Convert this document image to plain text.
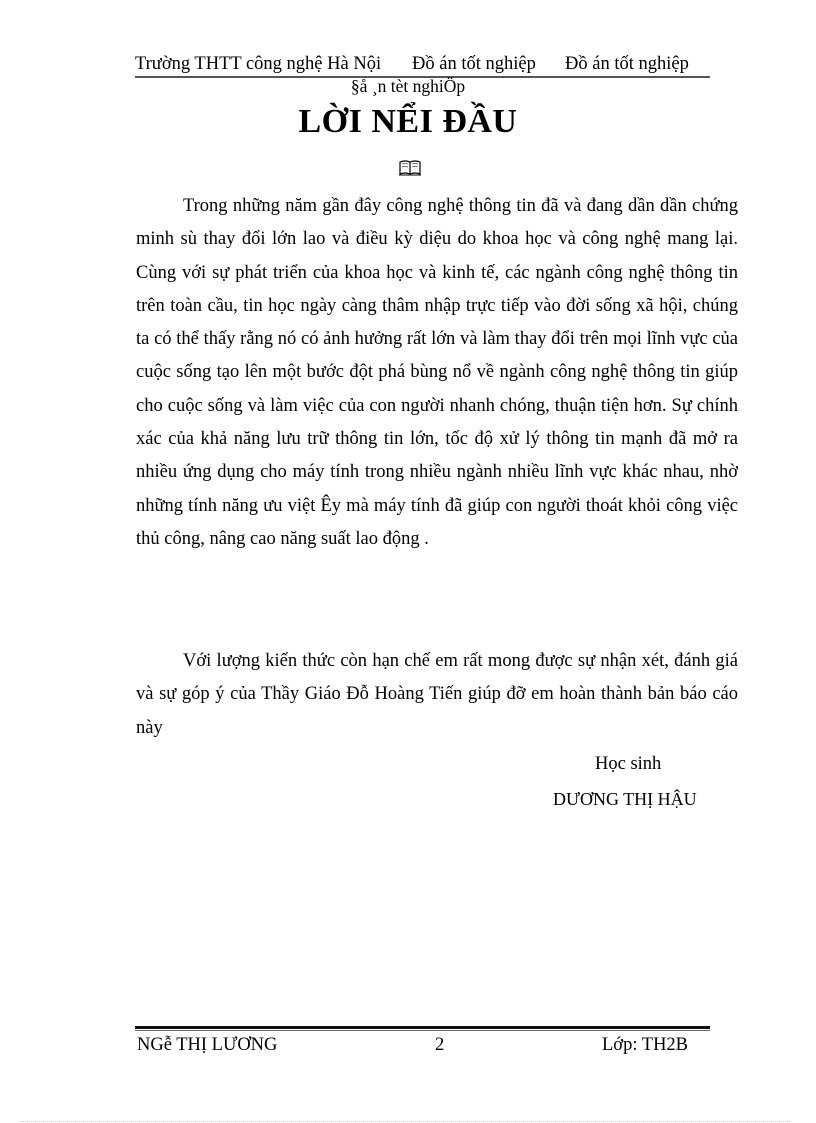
Trường THTT công nghệ Hà Nội Đồ án tốt nghiệp Đồ án tốt nghiệp
§å ¸n tèt nghiÖp
LỜI NỂI ĐẦU

Trong những năm gần đây công nghệ thông tin đã và đang dần dần chứng minh sù thay đổi lớn lao và điều kỳ diệu do khoa học và công nghệ mang lại. Cùng với sự phát triển của khoa học và kinh tế, các ngành công nghệ thông tin trên toàn cầu, tin học ngày càng thâm nhập trực tiếp vào đời sống xã hội, chúng ta có thể thấy rằng nó có ảnh hưởng rất lớn và làm thay đổi trên mọi lĩnh vực của cuộc sống tạo lên một bước đột phá bùng nổ về ngành công nghệ thông tin giúp cho cuộc sống và làm việc của con người nhanh chóng, thuận tiện hơn. Sự chính xác của khả năng lưu trữ thông tin lớn, tốc độ xử lý thông tin mạnh đã mở ra nhiều ứng dụng cho máy tính trong nhiều ngành nhiều lĩnh vực khác nhau, nhờ những tính năng ưu việt Êy mà máy tính đã giúp con người thoát khỏi công việc thủ công, nâng cao năng suất lao động .

Với lượng kiến thức còn hạn chế em rất mong được sự nhận xét, đánh giá và sự góp ý của Thầy Giáo Đỗ Hoàng Tiến giúp đỡ em hoàn thành bản báo cáo này

Học sinh
DƯƠNG THỊ HẬU
NGễ THỊ LƯƠNG	2	Lớp: TH2B
